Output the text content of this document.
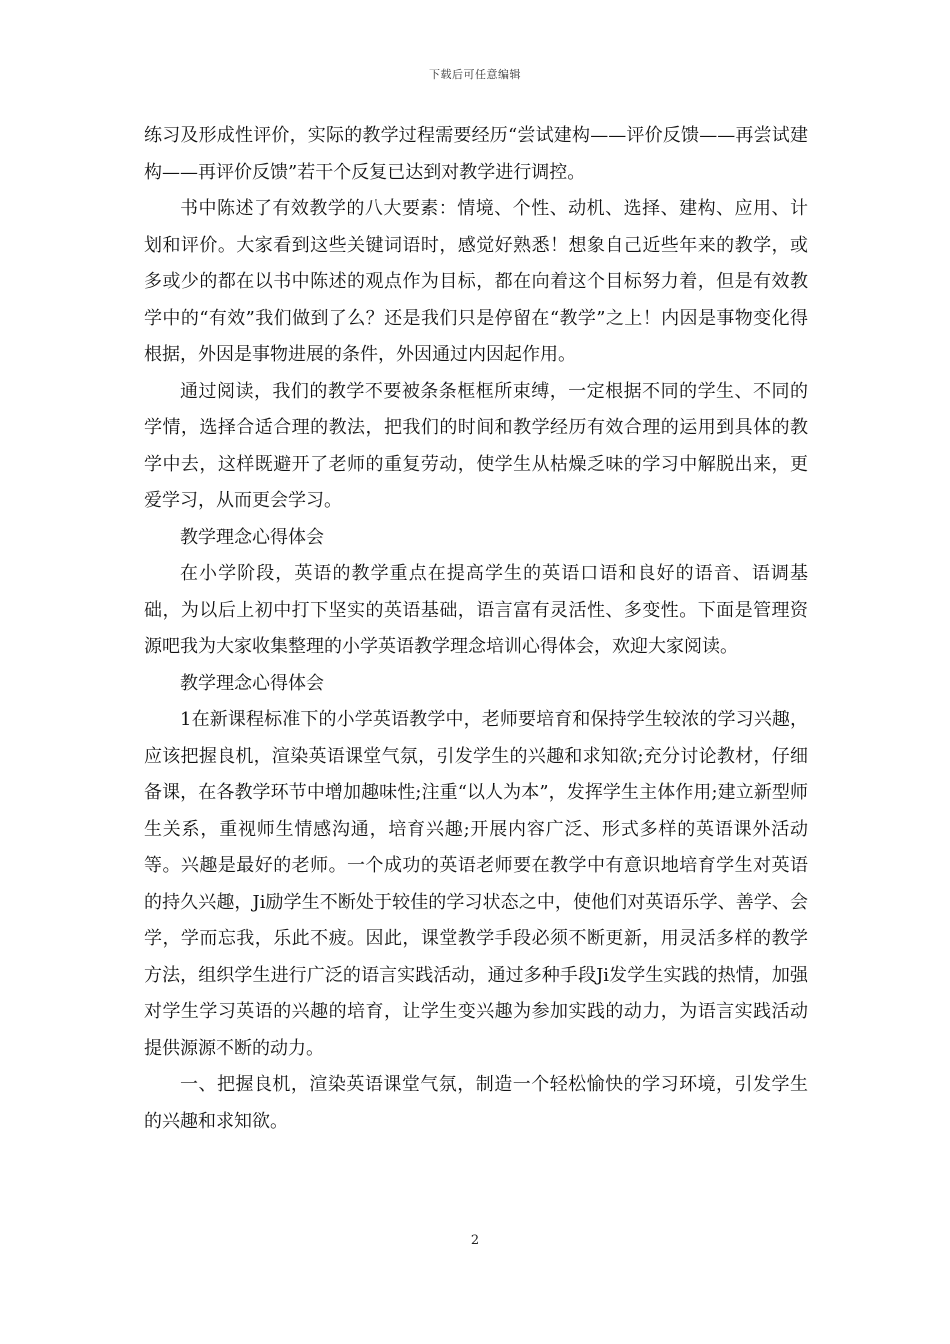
下载后可任意编辑

练习及形成性评价，实际的教学过程需要经历“尝试建构——评价反馈——再尝试建构——再评价反馈”若干个反复已达到对教学进行调控。

书中陈述了有效教学的八大要素：情境、个性、动机、选择、建构、应用、计划和评价。大家看到这些关键词语时，感觉好熟悉！想象自己近些年来的教学，或多或少的都在以书中陈述的观点作为目标，都在向着这个目标努力着，但是有效教学中的“有效”我们做到了么？还是我们只是停留在“教学”之上！内因是事物变化得根据，外因是事物进展的条件，外因通过内因起作用。

通过阅读，我们的教学不要被条条框框所束缚，一定根据不同的学生、不同的学情，选择合适合理的教法，把我们的时间和教学经历有效合理的运用到具体的教学中去，这样既避开了老师的重复劳动，使学生从枯燥乏味的学习中解脱出来，更爱学习，从而更会学习。

教学理念心得体会

在小学阶段，英语的教学重点在提高学生的英语口语和良好的语音、语调基础，为以后上初中打下坚实的英语基础，语言富有灵活性、多变性。下面是管理资源吧我为大家收集整理的小学英语教学理念培训心得体会，欢迎大家阅读。

教学理念心得体会

1在新课程标准下的小学英语教学中，老师要培育和保持学生较浓的学习兴趣，应该把握良机，渲染英语课堂气氛，引发学生的兴趣和求知欲;充分讨论教材，仔细备课，在各教学环节中增加趣味性;注重“以人为本”，发挥学生主体作用;建立新型师生关系，重视师生情感沟通，培育兴趣;开展内容广泛、形式多样的英语课外活动等。兴趣是最好的老师。一个成功的英语老师要在教学中有意识地培育学生对英语的持久兴趣，Ji励学生不断处于较佳的学习状态之中，使他们对英语乐学、善学、会学，学而忘我，乐此不疲。因此，课堂教学手段必须不断更新，用灵活多样的教学方法，组织学生进行广泛的语言实践活动，通过多种手段Ji发学生实践的热情，加强对学生学习英语的兴趣的培育，让学生变兴趣为参加实践的动力，为语言实践活动提供源源不断的动力。

一、把握良机，渲染英语课堂气氛，制造一个轻松愉快的学习环境，引发学生的兴趣和求知欲。

2
